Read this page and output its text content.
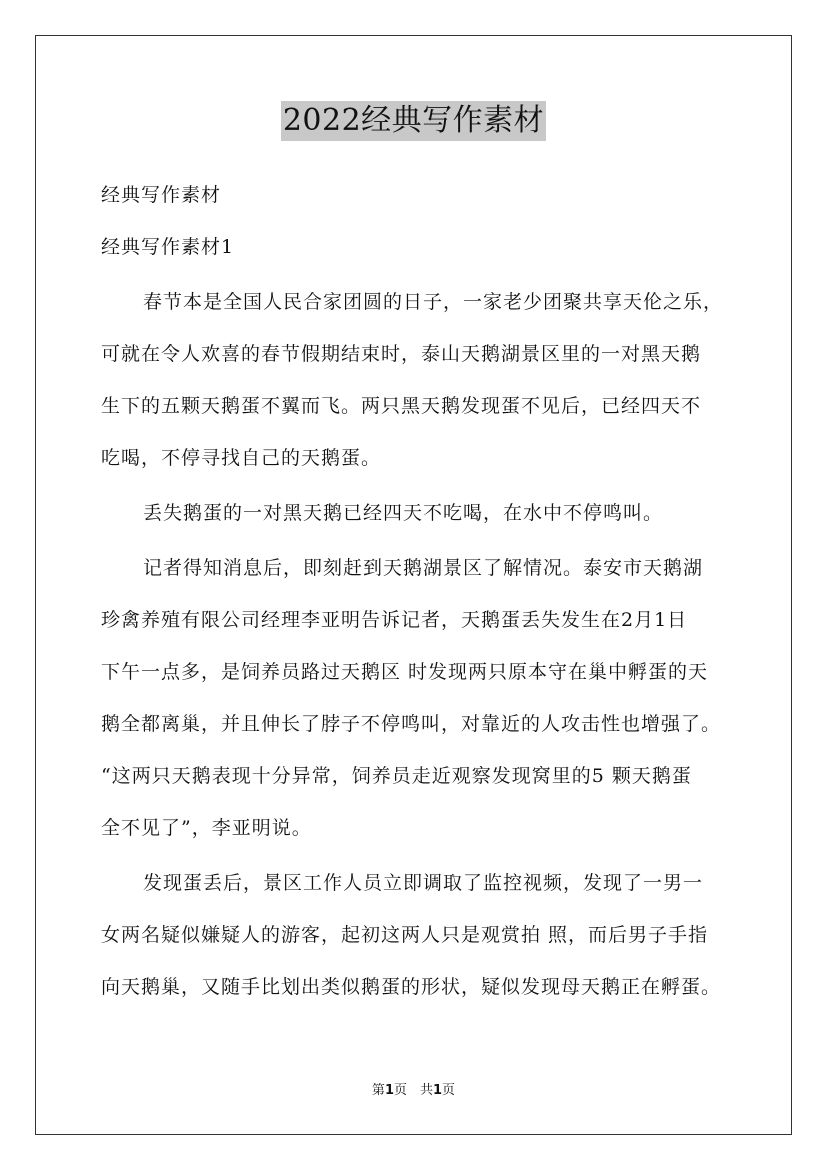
2022经典写作素材
经典写作素材
经典写作素材1
春节本是全国人民合家团圆的日子，一家老少团聚共享天伦之乐，
可就在令人欢喜的春节假期结束时，泰山天鹅湖景区里的一对黑天鹅
生下的五颗天鹅蛋不翼而飞。两只黑天鹅发现蛋不见后，已经四天不
吃喝，不停寻找自己的天鹅蛋。
丢失鹅蛋的一对黑天鹅已经四天不吃喝，在水中不停鸣叫。
记者得知消息后，即刻赶到天鹅湖景区了解情况。泰安市天鹅湖
珍禽养殖有限公司经理李亚明告诉记者，天鹅蛋丢失发生在2月1日
下午一点多，是饲养员路过天鹅区 时发现两只原本守在巢中孵蛋的天
鹅全都离巢，并且伸长了脖子不停鸣叫，对靠近的人攻击性也增强了。
“这两只天鹅表现十分异常，饲养员走近观察发现窝里的5 颗天鹅蛋
全不见了”，李亚明说。
发现蛋丢后，景区工作人员立即调取了监控视频，发现了一男一
女两名疑似嫌疑人的游客，起初这两人只是观赏拍 照，而后男子手指
向天鹅巢，又随手比划出类似鹅蛋的形状，疑似发现母天鹅正在孵蛋。
第1页　共1页
